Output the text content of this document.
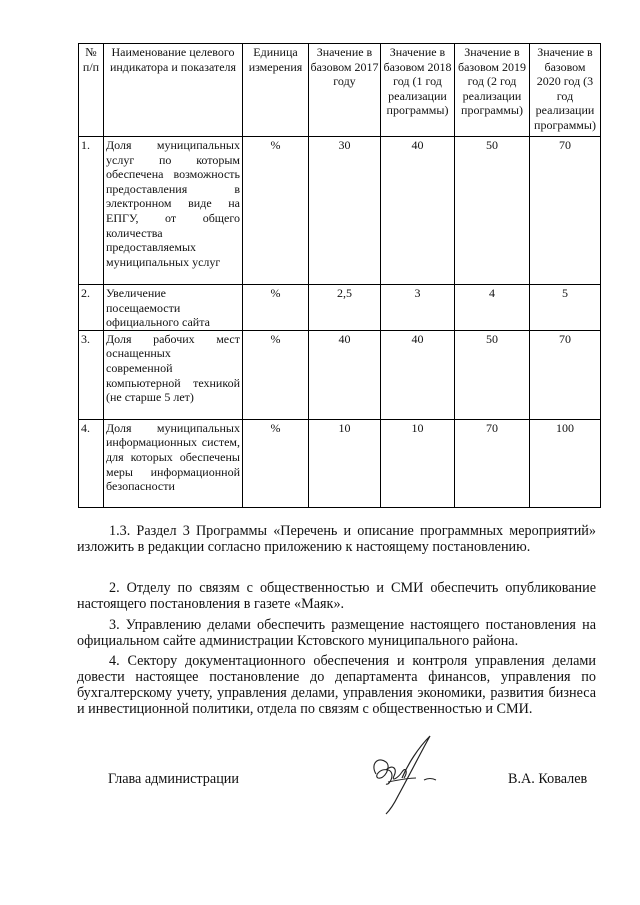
№ п/п	Наименование целевого индикатора и показателя	Единица измерения	Значение в базовом 2017 году	Значение в базовом 2018 год (1 год реализации программы)	Значение в базовом 2019 год (2 год реализации программы)	Значение в базовом 2020 год (3 год реализации программы)
1.	Доля муниципальных услуг по которым обеспечена возможность предоставления в электронном виде на ЕПГУ, от общего количества предоставляемых муниципальных услуг	%	30	40	50	70
2.	Увеличение посещаемости официального сайта	%	2,5	3	4	5
3.	Доля рабочих мест оснащенных современной компьютерной техникой (не старше 5 лет)	%	40	40	50	70
4.	Доля муниципальных информационных систем, для которых обеспечены меры информационной безопасности	%	10	10	70	100

1.3. Раздел 3 Программы «Перечень и описание программных мероприятий» изложить в редакции согласно приложению к настоящему постановлению.

2. Отделу по связям с общественностью и СМИ обеспечить опубликование настоящего постановления в газете «Маяк».

3. Управлению делами обеспечить размещение настоящего постановления на официальном сайте администрации Кстовского муниципального района.

4. Сектору документационного обеспечения и контроля управления делами довести настоящее постановление до департамента финансов, управления по бухгалтерскому учету, управления делами, управления экономики, развития бизнеса и инвестиционной политики, отдела по связям с общественностью и СМИ.

Глава администрации	В.А. Ковалев
